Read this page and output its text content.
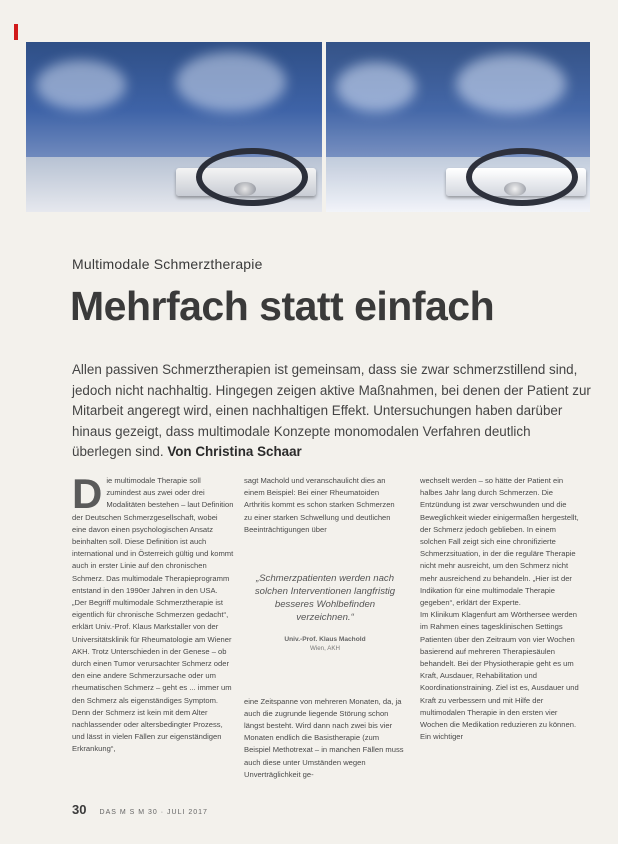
Multimodale Schmerztherapie
Mehrfach statt einfach
Allen passiven Schmerztherapien ist gemeinsam, dass sie zwar schmerzstillend sind, jedoch nicht nachhaltig. Hingegen zeigen aktive Maßnahmen, bei denen der Patient zur Mitarbeit angeregt wird, einen nachhaltigen Effekt. Untersuchungen haben darüber hinaus gezeigt, dass multimodale Konzepte monomodalen Verfahren deutlich überlegen sind. Von Christina Schaar
D ie multimodale Therapie soll zumindest aus zwei oder drei Modalitäten bestehen – laut Definition der Deutschen Schmerzgesellschaft, wobei eine davon einen psychologischen Ansatz beinhalten soll. Diese Definition ist auch international und in Österreich gültig und kommt auch in erster Linie auf den chronischen Schmerz. Das multimodale Therapieprogramm entstand in den 1990er Jahren in den USA. „Der Begriff multimodale Schmerztherapie ist eigentlich für chronische Schmerzen gedacht“, erklärt Univ.-Prof. Klaus Markstaller von der Universitätsklinik für Rheumatologie am Wiener AKH. Trotz Unterschieden in der Genese – ob durch einen Tumor verursachter Schmerz oder den eine andere Schmerzursache oder um rheumatischen Schmerz – geht es ... immer um den Schmerz als eigenständiges Symptom. Denn der Schmerz ist kein mit dem Alter nachlassender oder altersbedingter Prozess, und lässt in vielen Fällen zur eigenständigen Erkrankung“,

sagt Machold und veranschaulicht dies an einem Beispiel: Bei einer Rheumatoiden Arthritis kommt es schon starken Schmerzen zu einer starken Schwellung und deutlichen Beeinträchtigungen über

„Schmerzpatienten werden nach solchen Interventionen langfristig besseres Wohlbefinden verzeichnen.“
Univ.-Prof. Klaus Machold
Wien, AKH

eine Zeitspanne von mehreren Monaten, da, ja auch die zugrunde liegende Störung schon längst besteht. Wird dann nach zwei bis vier Monaten endlich die Basistherapie (zum Beispiel Methotrexat – in manchen Fällen muss auch diese unter Umständen wegen Unverträglichkeit ge-

wechselt werden – so hätte der Patient ein halbes Jahr lang durch Schmerzen. Die Entzündung ist zwar verschwunden und die Beweglichkeit wieder einigermaßen hergestellt, der Schmerz jedoch geblieben. In einem solchen Fall zeigt sich eine chronifizierte Schmerzsituation, in der die reguläre Therapie nicht mehr ausreicht, um den Schmerz nicht mehr ausreichend zu behandeln. „Hier ist der Indikation für eine multimodale Therapie gegeben“, erklärt der Experte.

Im Klinikum Klagenfurt am Wörthersee werden im Rahmen eines tagesklinischen Settings Patienten über den Zeitraum von vier Wochen basierend auf mehreren Therapiesäulen behandelt. Bei der Physiotherapie geht es um Kraft, Ausdauer, Rehabilitation und Koordinationstraining. Ziel ist es, Ausdauer und Kraft zu verbessern und mit Hilfe der multimodalen Therapie in den ersten vier Wochen die Medikation reduzieren zu können. Ein wichtiger

30 DAS M S M 30 · JULI 2017
